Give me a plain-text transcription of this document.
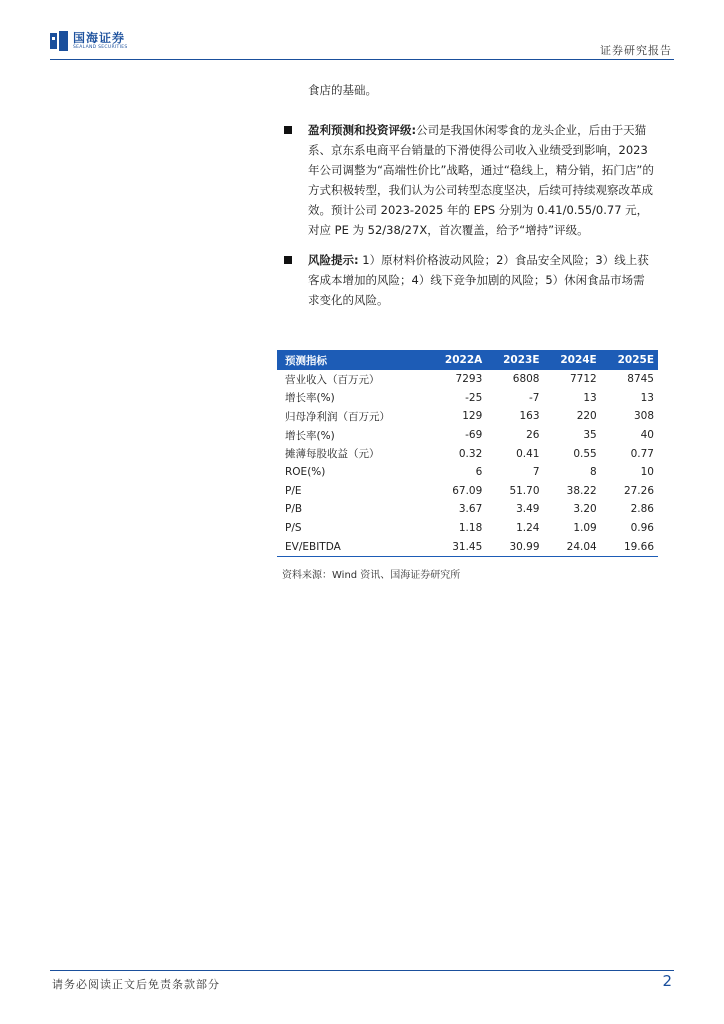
国海证券
SEALAND SECURITIES	证券研究报告
食店的基础。
盈利预测和投资评级:公司是我国休闲零食的龙头企业，后由于天猫系、京东系电商平台销量的下滑使得公司收入业绩受到影响，2023年公司调整为“高端性价比”战略，通过“稳线上，精分销，拓门店”的方式积极转型，我们认为公司转型态度坚决，后续可持续观察改革成效。预计公司 2023-2025 年的 EPS 分别为 0.41/0.55/0.77 元，对应 PE 为 52/38/27X，首次覆盖，给予“增持”评级。
风险提示: 1）原材料价格波动风险；2）食品安全风险；3）线上获客成本增加的风险；4）线下竞争加剧的风险；5）休闲食品市场需求变化的风险。
预测指标	2022A	2023E	2024E	2025E
营业收入（百万元）	7293	6808	7712	8745
增长率(%)	-25	-7	13	13
归母净利润（百万元）	129	163	220	308
增长率(%)	-69	26	35	40
摊薄每股收益（元）	0.32	0.41	0.55	0.77
ROE(%)	6	7	8	10
P/E	67.09	51.70	38.22	27.26
P/B	3.67	3.49	3.20	2.86
P/S	1.18	1.24	1.09	0.96
EV/EBITDA	31.45	30.99	24.04	19.66
资料来源：Wind 资讯、国海证券研究所
请务必阅读正文后免责条款部分	2
